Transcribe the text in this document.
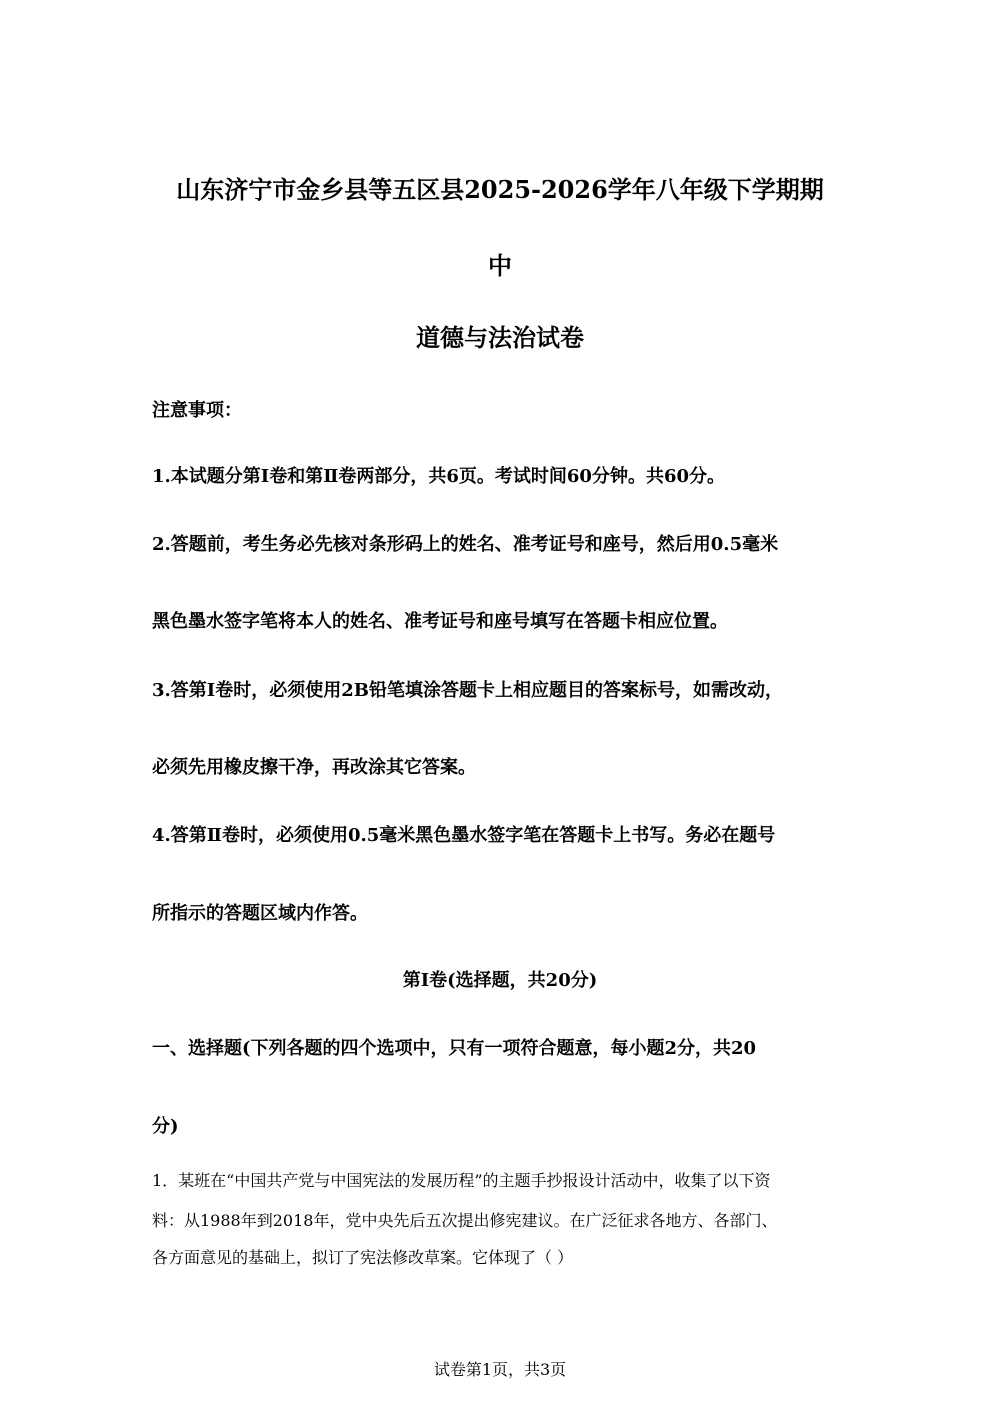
山东济宁市金乡县等五区县2025-2026学年八年级下学期期
中
道德与法治试卷
注意事项：
1.本试题分第Ⅰ卷和第Ⅱ卷两部分，共6页。考试时间60分钟。共60分。
2.答题前，考生务必先核对条形码上的姓名、准考证号和座号，然后用0.5毫米
黑色墨水签字笔将本人的姓名、准考证号和座号填写在答题卡相应位置。
3.答第Ⅰ卷时，必须使用2B铅笔填涂答题卡上相应题目的答案标号，如需改动，
必须先用橡皮擦干净，再改涂其它答案。
4.答第Ⅱ卷时，必须使用0.5毫米黑色墨水签字笔在答题卡上书写。务必在题号
所指示的答题区域内作答。
第Ⅰ卷(选择题，共20分)
一、选择题(下列各题的四个选项中，只有一项符合题意，每小题2分，共20
分)
1．某班在“中国共产党与中国宪法的发展历程”的主题手抄报设计活动中，收集了以下资
料：从1988年到2018年，党中央先后五次提出修宪建议。在广泛征求各地方、各部门、
各方面意见的基础上，拟订了宪法修改草案。它体现了（ ）
试卷第1页，共3页
